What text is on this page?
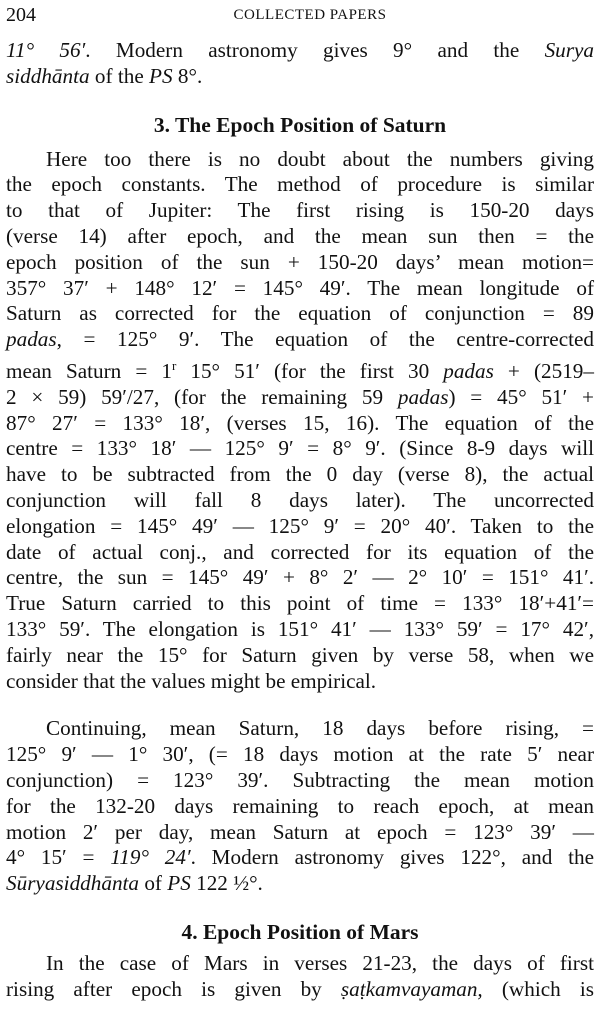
204	COLLECTED PAPERS
11° 56′. Modern astronomy gives 9° and the Surya
siddhānta of the PS 8°.
3. The Epoch Position of Saturn
Here too there is no doubt about the numbers giving
the epoch constants. The method of procedure is similar
to that of Jupiter: The first rising is 150-20 days
(verse 14) after epoch, and the mean sun then = the
epoch position of the sun + 150-20 days’ mean motion=
357° 37′ + 148° 12′ = 145° 49′. The mean longitude of
Saturn as corrected for the equation of conjunction = 89
padas, = 125° 9′. The equation of the centre-corrected
mean Saturn = $1^r$ 15° 51′ (for the first 30 padas + (2519–
2 × 59) 59′/27, (for the remaining 59 padas) = 45° 51′ +
87° 27′ = 133° 18′, (verses 15, 16). The equation of the
centre = 133° 18′ — 125° 9′ = 8° 9′. (Since 8-9 days will
have to be subtracted from the 0 day (verse 8), the actual
conjunction will fall 8 days later). The uncorrected
elongation = 145° 49′ — 125° 9′ = 20° 40′. Taken to the
date of actual conj., and corrected for its equation of the
centre, the sun = 145° 49′ + 8° 2′ — 2° 10′ = 151° 41′.
True Saturn carried to this point of time = 133° 18′+41′=
133° 59′. The elongation is 151° 41′ — 133° 59′ = 17° 42′,
fairly near the 15° for Saturn given by verse 58, when we
consider that the values might be empirical.
Continuing, mean Saturn, 18 days before rising, =
125° 9′ — 1° 30′, (= 18 days motion at the rate 5′ near
conjunction) = 123° 39′. Subtracting the mean motion
for the 132-20 days remaining to reach epoch, at mean
motion 2′ per day, mean Saturn at epoch = 123° 39′ —
4° 15′ = 119° 24′. Modern astronomy gives 122°, and the
Sūryasiddhānta of PS 122 ½°.
4. Epoch Position of Mars
In the case of Mars in verses 21-23, the days of first
rising after epoch is given by ṣaṭkamvayaman, (which is
